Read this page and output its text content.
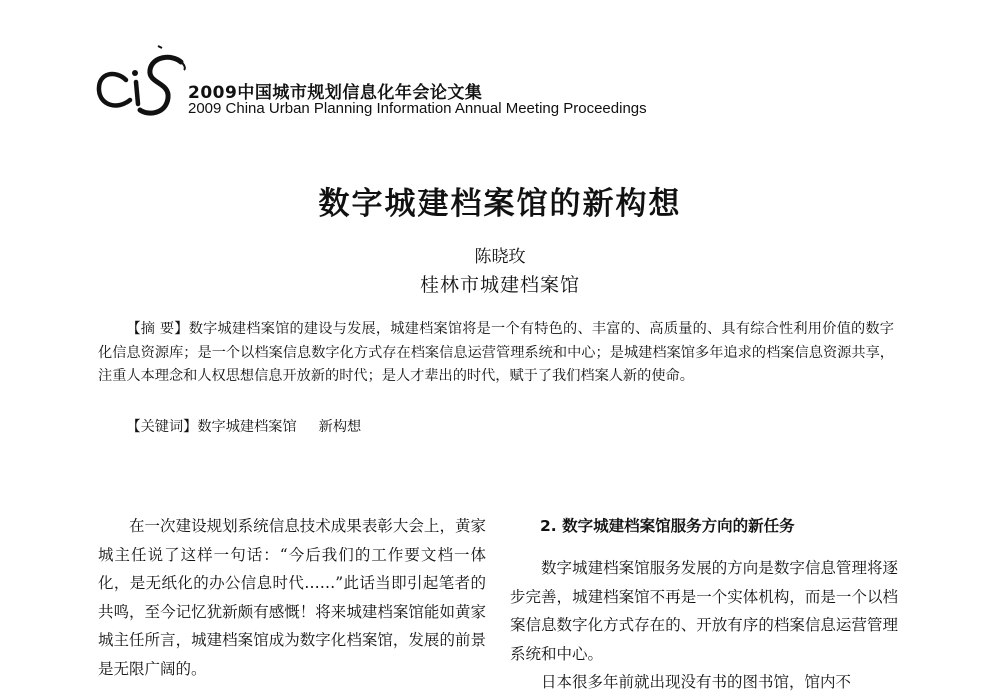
2009中国城市规划信息化年会论文集
2009 China Urban Planning Information Annual Meeting Proceedings
数字城建档案馆的新构想
陈晓玫
桂林市城建档案馆

【摘 要】数字城建档案馆的建设与发展，城建档案馆将是一个有特色的、丰富的、高质量的、具有综合性利用价值的数字化信息资源库；是一个以档案信息数字化方式存在档案信息运营管理系统和中心；是城建档案馆多年追求的档案信息资源共享，注重人本理念和人权思想信息开放新的时代；是人才辈出的时代，赋于了我们档案人新的使命。

【关键词】数字城建档案馆 新构想

在一次建设规划系统信息技术成果表彰大会上，黄家城主任说了这样一句话：“今后我们的工作要文档一体化，是无纸化的办公信息时代……”此话当即引起笔者的共鸣，至今记忆犹新颇有感慨！将来城建档案馆能如黄家城主任所言，城建档案馆成为数字化档案馆，发展的前景是无限广阔的。

2. 数字城建档案馆服务方向的新任务

数字城建档案馆服务发展的方向是数字信息管理将逐步完善，城建档案馆不再是一个实体机构，而是一个以档案信息数字化方式存在的、开放有序的档案信息运营管理系统和中心。

日本很多年前就出现没有书的图书馆，馆内不
